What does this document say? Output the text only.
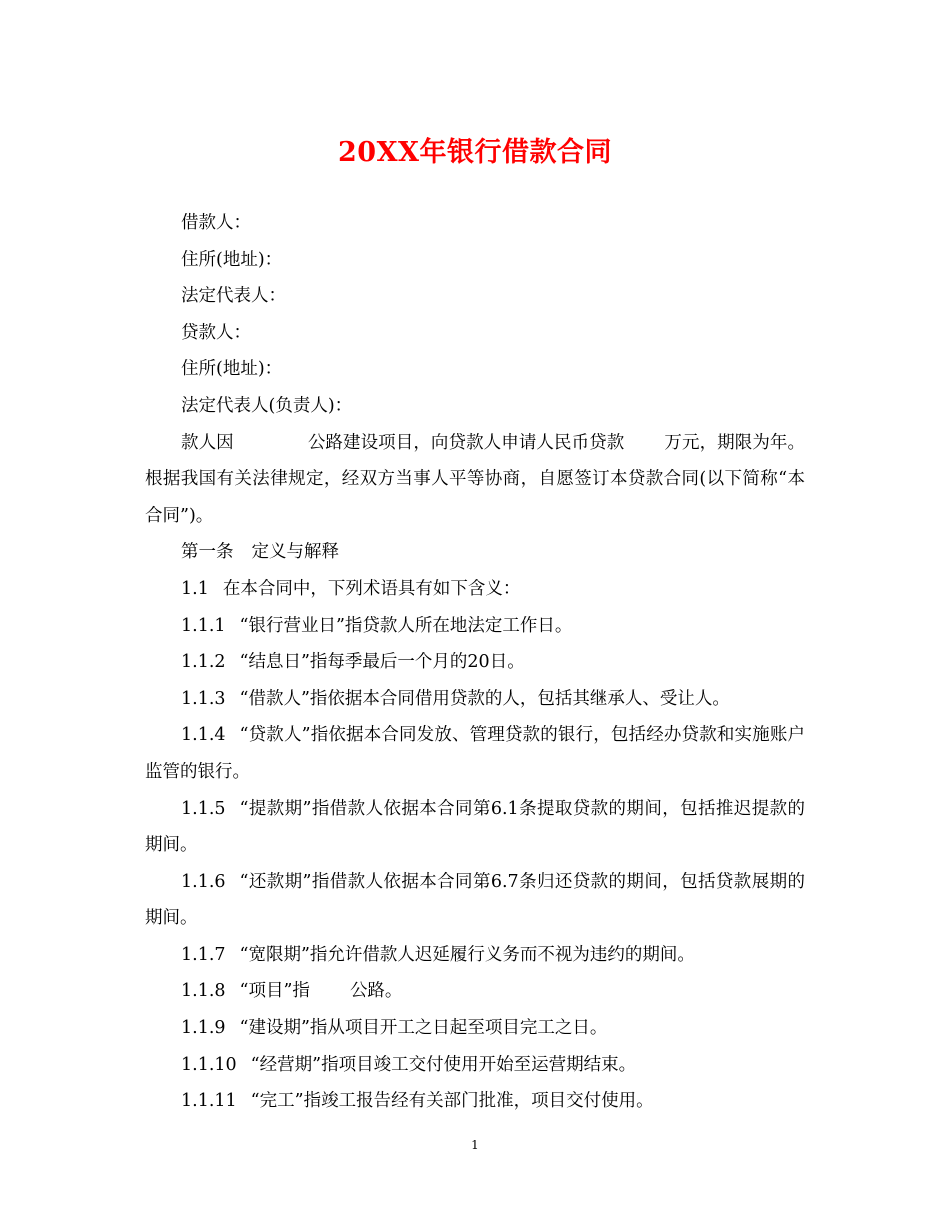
20XX年银行借款合同

借款人：

住所(地址)：

法定代表人：

贷款人：

住所(地址)：

法定代表人(负责人)：

款人因	公路建设项目，向贷款人申请人民币贷款 万元，期限为年。根据我国有关法律规定，经双方当事人平等协商，自愿签订本贷款合同(以下简称“本合同”)。

第一条 定义与解释

1.1 在本合同中，下列术语具有如下含义：

1.1.1 “银行营业日”指贷款人所在地法定工作日。

1.1.2 “结息日”指每季最后一个月的20日。

1.1.3 “借款人”指依据本合同借用贷款的人，包括其继承人、受让人。

1.1.4 “贷款人”指依据本合同发放、管理贷款的银行，包括经办贷款和实施账户监管的银行。

1.1.5 “提款期”指借款人依据本合同第6.1条提取贷款的期间，包括推迟提款的期间。

1.1.6 “还款期”指借款人依据本合同第6.7条归还贷款的期间，包括贷款展期的期间。

1.1.7 “宽限期”指允许借款人迟延履行义务而不视为违约的期间。

1.1.8 “项目”指 公路。

1.1.9 “建设期”指从项目开工之日起至项目完工之日。

1.1.10 “经营期”指项目竣工交付使用开始至运营期结束。

1.1.11 “完工”指竣工报告经有关部门批准，项目交付使用。

1
